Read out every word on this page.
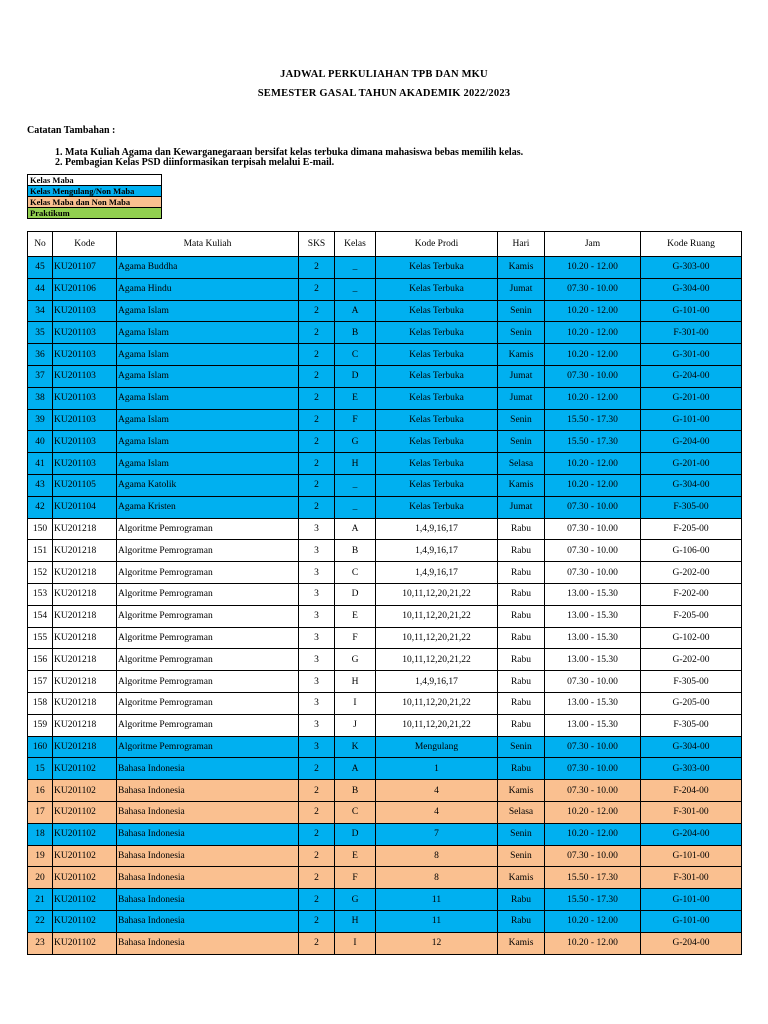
JADWAL PERKULIAHAN TPB DAN MKU
SEMESTER GASAL TAHUN AKADEMIK 2022/2023
Catatan Tambahan :
1. Mata Kuliah Agama dan Kewarganegaraan bersifat kelas terbuka dimana mahasiswa bebas memilih kelas.
2. Pembagian Kelas PSD diinformasikan terpisah melalui E-mail.
Kelas Maba
Kelas Mengulang/Non Maba
Kelas Maba dan Non Maba
Praktikum
No	Kode	Mata Kuliah	SKS	Kelas	Kode Prodi	Hari	Jam	Kode Ruang
45	KU201107	Agama Buddha	2	_	Kelas Terbuka	Kamis	10.20 - 12.00	G-303-00
44	KU201106	Agama Hindu	2	_	Kelas Terbuka	Jumat	07.30 - 10.00	G-304-00
34	KU201103	Agama Islam	2	A	Kelas Terbuka	Senin	10.20 - 12.00	G-101-00
35	KU201103	Agama Islam	2	B	Kelas Terbuka	Senin	10.20 - 12.00	F-301-00
36	KU201103	Agama Islam	2	C	Kelas Terbuka	Kamis	10.20 - 12.00	G-301-00
37	KU201103	Agama Islam	2	D	Kelas Terbuka	Jumat	07.30 - 10.00	G-204-00
38	KU201103	Agama Islam	2	E	Kelas Terbuka	Jumat	10.20 - 12.00	G-201-00
39	KU201103	Agama Islam	2	F	Kelas Terbuka	Senin	15.50 - 17.30	G-101-00
40	KU201103	Agama Islam	2	G	Kelas Terbuka	Senin	15.50 - 17.30	G-204-00
41	KU201103	Agama Islam	2	H	Kelas Terbuka	Selasa	10.20 - 12.00	G-201-00
43	KU201105	Agama Katolik	2	_	Kelas Terbuka	Kamis	10.20 - 12.00	G-304-00
42	KU201104	Agama Kristen	2	_	Kelas Terbuka	Jumat	07.30 - 10.00	F-305-00
150	KU201218	Algoritme Pemrograman	3	A	1,4,9,16,17	Rabu	07.30 - 10.00	F-205-00
151	KU201218	Algoritme Pemrograman	3	B	1,4,9,16,17	Rabu	07.30 - 10.00	G-106-00
152	KU201218	Algoritme Pemrograman	3	C	1,4,9,16,17	Rabu	07.30 - 10.00	G-202-00
153	KU201218	Algoritme Pemrograman	3	D	10,11,12,20,21,22	Rabu	13.00 - 15.30	F-202-00
154	KU201218	Algoritme Pemrograman	3	E	10,11,12,20,21,22	Rabu	13.00 - 15.30	F-205-00
155	KU201218	Algoritme Pemrograman	3	F	10,11,12,20,21,22	Rabu	13.00 - 15.30	G-102-00
156	KU201218	Algoritme Pemrograman	3	G	10,11,12,20,21,22	Rabu	13.00 - 15.30	G-202-00
157	KU201218	Algoritme Pemrograman	3	H	1,4,9,16,17	Rabu	07.30 - 10.00	F-305-00
158	KU201218	Algoritme Pemrograman	3	I	10,11,12,20,21,22	Rabu	13.00 - 15.30	G-205-00
159	KU201218	Algoritme Pemrograman	3	J	10,11,12,20,21,22	Rabu	13.00 - 15.30	F-305-00
160	KU201218	Algoritme Pemrograman	3	K	Mengulang	Senin	07.30 - 10.00	G-304-00
15	KU201102	Bahasa Indonesia	2	A	1	Rabu	07.30 - 10.00	G-303-00
16	KU201102	Bahasa Indonesia	2	B	4	Kamis	07.30 - 10.00	F-204-00
17	KU201102	Bahasa Indonesia	2	C	4	Selasa	10.20 - 12.00	F-301-00
18	KU201102	Bahasa Indonesia	2	D	7	Senin	10.20 - 12.00	G-204-00
19	KU201102	Bahasa Indonesia	2	E	8	Senin	07.30 - 10.00	G-101-00
20	KU201102	Bahasa Indonesia	2	F	8	Kamis	15.50 - 17.30	F-301-00
21	KU201102	Bahasa Indonesia	2	G	11	Rabu	15.50 - 17.30	G-101-00
22	KU201102	Bahasa Indonesia	2	H	11	Rabu	10.20 - 12.00	G-101-00
23	KU201102	Bahasa Indonesia	2	I	12	Kamis	10.20 - 12.00	G-204-00
